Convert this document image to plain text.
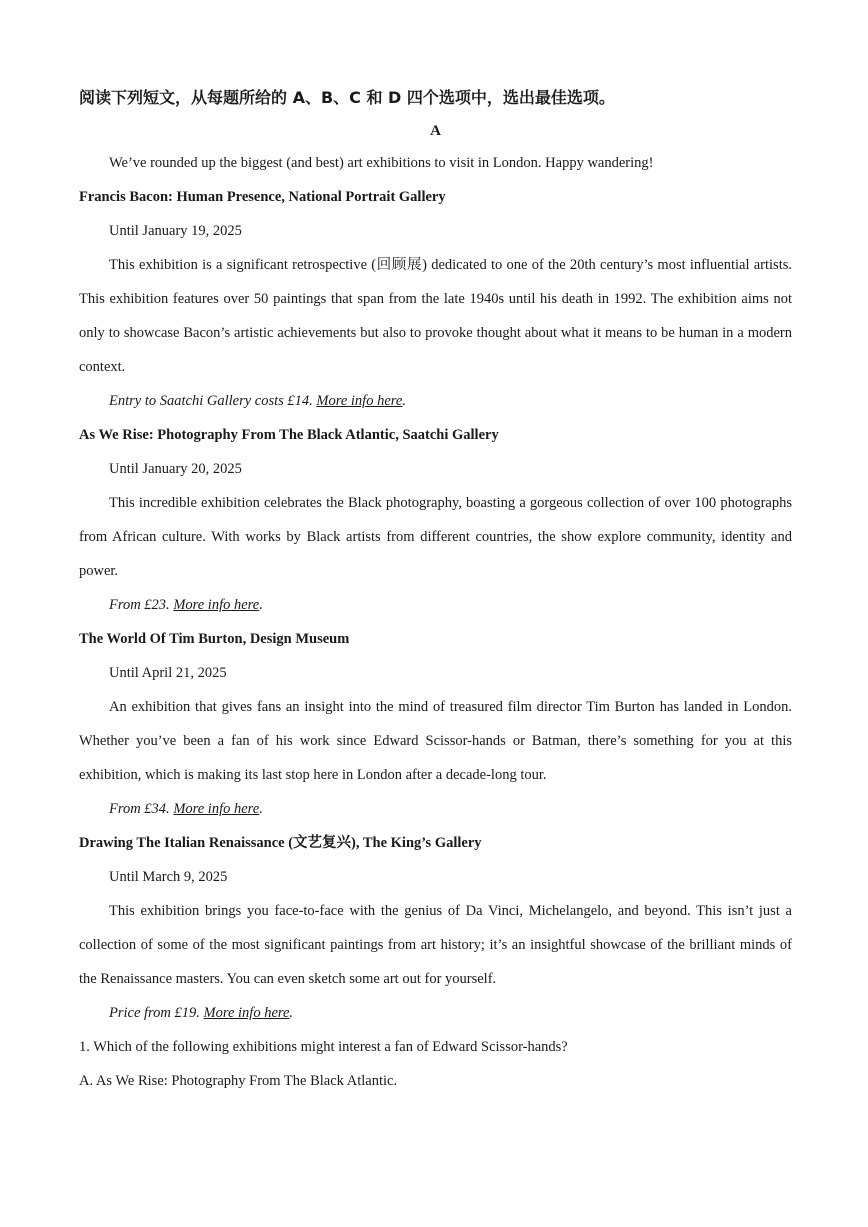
阅读下列短文，从每题所给的 A、B、C 和 D 四个选项中，选出最佳选项。

A

We’ve rounded up the biggest (and best) art exhibitions to visit in London. Happy wandering!

Francis Bacon: Human Presence, National Portrait Gallery

Until January 19, 2025

This exhibition is a significant retrospective (回顾展) dedicated to one of the 20th century’s most influential artists. This exhibition features over 50 paintings that span from the late 1940s until his death in 1992. The exhibition aims not only to showcase Bacon’s artistic achievements but also to provoke thought about what it means to be human in a modern context.

Entry to Saatchi Gallery costs £14. More info here.

As We Rise: Photography From The Black Atlantic, Saatchi Gallery

Until January 20, 2025

This incredible exhibition celebrates the Black photography, boasting a gorgeous collection of over 100 photographs from African culture. With works by Black artists from different countries, the show explore community, identity and power.

From £23. More info here.

The World Of Tim Burton, Design Museum

Until April 21, 2025

An exhibition that gives fans an insight into the mind of treasured film director Tim Burton has landed in London. Whether you’ve been a fan of his work since Edward Scissor-hands or Batman, there’s something for you at this exhibition, which is making its last stop here in London after a decade-long tour.

From £34. More info here.

Drawing The Italian Renaissance (文艺复兴), The King’s Gallery

Until March 9, 2025

This exhibition brings you face-to-face with the genius of Da Vinci, Michelangelo, and beyond. This isn’t just a collection of some of the most significant paintings from art history; it’s an insightful showcase of the brilliant minds of the Renaissance masters. You can even sketch some art out for yourself.

Price from £19. More info here.

1. Which of the following exhibitions might interest a fan of Edward Scissor-hands?

A. As We Rise: Photography From The Black Atlantic.
